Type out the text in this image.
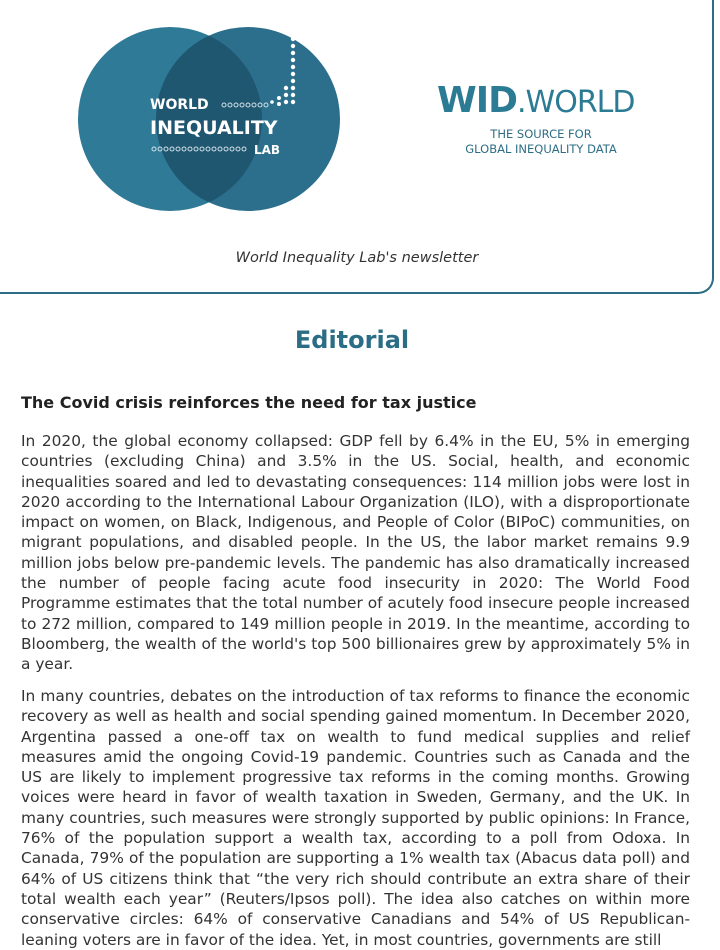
WORLD
INEQUALITY
LAB
WID.WORLD
THE SOURCE FOR
GLOBAL INEQUALITY DATA
World Inequality Lab's newsletter
Editorial
The Covid crisis reinforces the need for tax justice

In 2020, the global economy collapsed: GDP fell by 6.4% in the EU, 5% in emerging countries (excluding China) and 3.5% in the US. Social, health, and economic inequalities soared and led to devastating consequences: 114 million jobs were lost in 2020 according to the International Labour Organization (ILO), with a disproportionate impact on women, on Black, Indigenous, and People of Color (BIPoC) communities, on migrant populations, and disabled people. In the US, the labor market remains 9.9 million jobs below pre-pandemic levels. The pandemic has also dramatically increased the number of people facing acute food insecurity in 2020: The World Food Programme estimates that the total number of acutely food insecure people increased to 272 million, compared to 149 million people in 2019. In the meantime, according to Bloomberg, the wealth of the world's top 500 billionaires grew by approximately 5% in a year.

In many countries, debates on the introduction of tax reforms to finance the economic recovery as well as health and social spending gained momentum. In December 2020, Argentina passed a one-off tax on wealth to fund medical supplies and relief measures amid the ongoing Covid-19 pandemic. Countries such as Canada and the US are likely to implement progressive tax reforms in the coming months. Growing voices were heard in favor of wealth taxation in Sweden, Germany, and the UK. In many countries, such measures were strongly supported by public opinions: In France, 76% of the population support a wealth tax, according to a poll from Odoxa. In Canada, 79% of the population are supporting a 1% wealth tax (Abacus data poll) and 64% of US citizens think that “the very rich should contribute an extra share of their total wealth each year” (Reuters/Ipsos poll). The idea also catches on within more conservative circles: 64% of conservative Canadians and 54% of US Republican-leaning voters are in favor of the idea. Yet, in most countries, governments are still
